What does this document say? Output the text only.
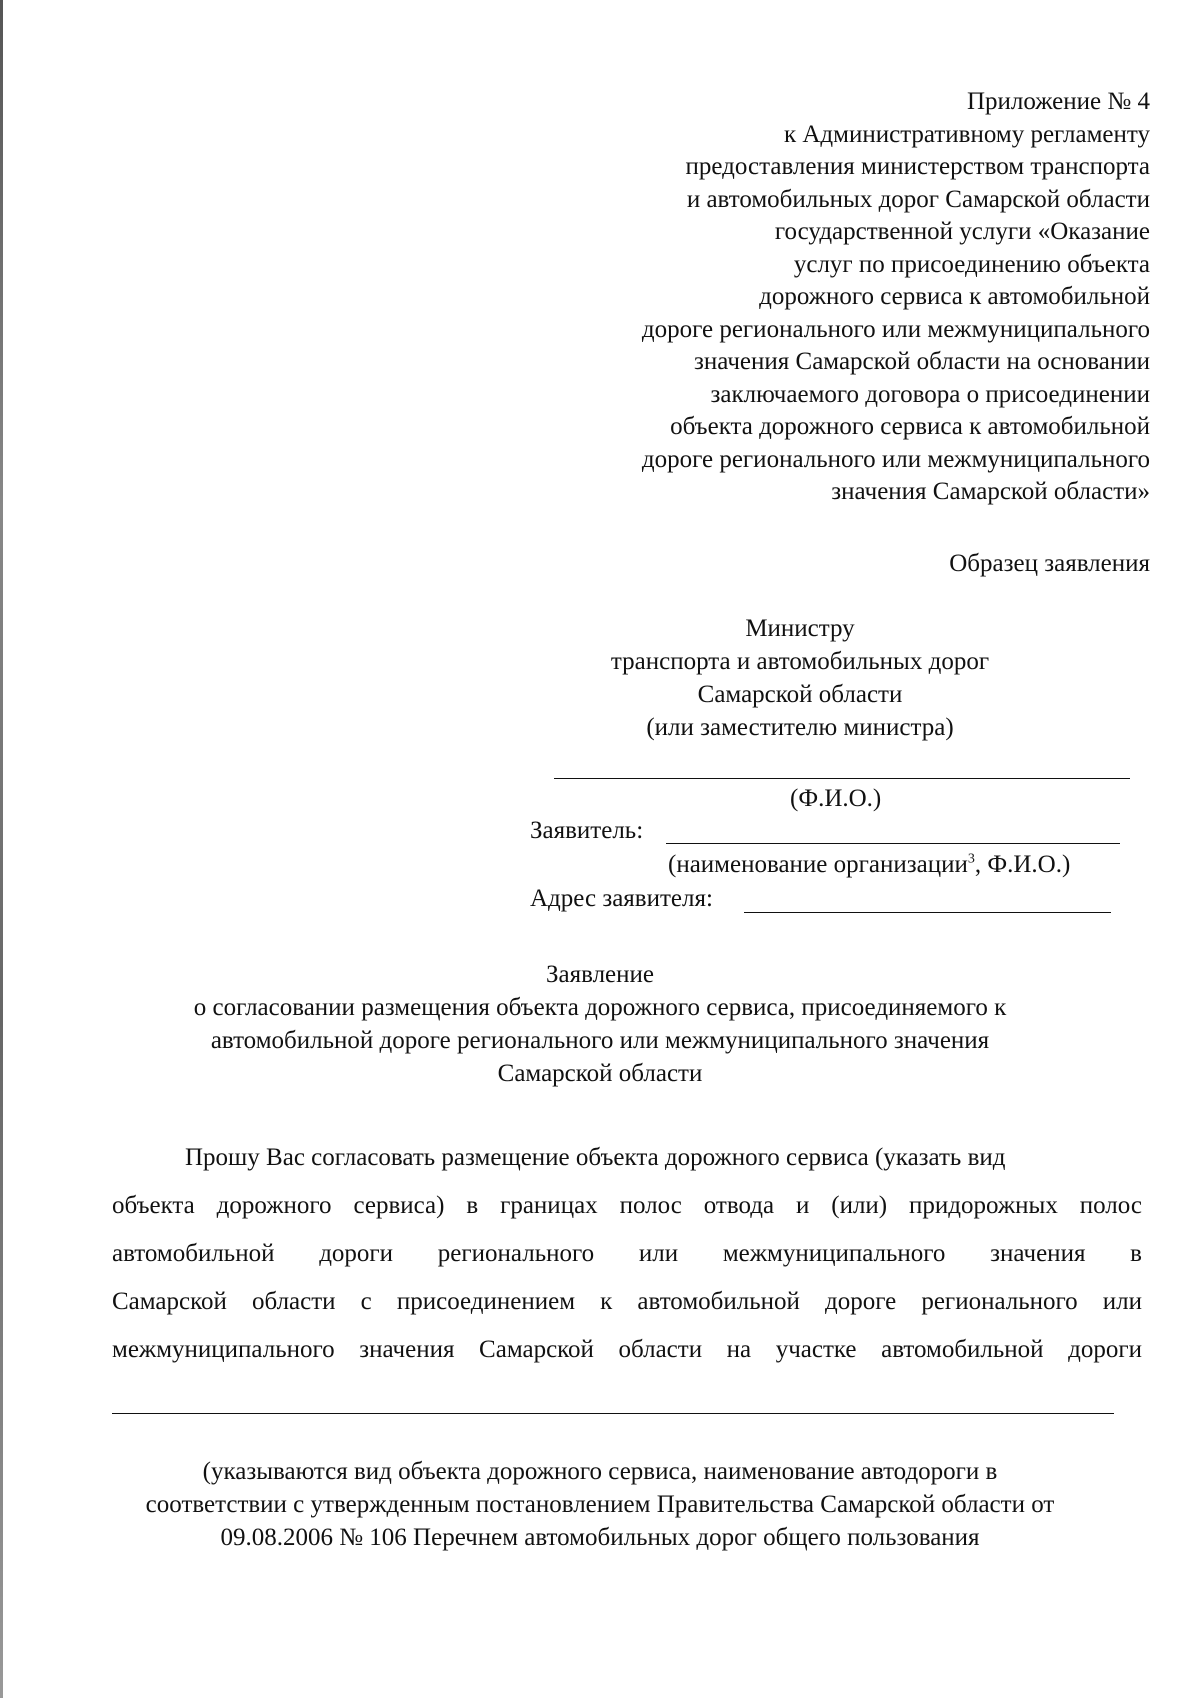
Приложение № 4
к Административному регламенту
предоставления министерством транспорта
и автомобильных дорог Самарской области
государственной услуги «Оказание
услуг по присоединению объекта
дорожного сервиса к автомобильной
дороге регионального или межмуниципального
значения Самарской области на основании
заключаемого договора о присоединении
объекта дорожного сервиса к автомобильной
дороге регионального или межмуниципального
значения Самарской области»
Образец заявления
Министру
транспорта и автомобильных дорог
Самарской области
(или заместителю министра)
(Ф.И.О.)
Заявитель:
(наименование организации$^3$, Ф.И.О.)
Адрес заявителя:
Заявление
о согласовании размещения объекта дорожного сервиса, присоединяемого к
автомобильной дороге регионального или межмуниципального значения
Самарской области
Прошу Вас согласовать размещение объекта дорожного сервиса (указать вид
объекта дорожного сервиса) в границах полос отвода и (или) придорожных полос
автомобильной дороги регионального или межмуниципального значения в
Самарской области с присоединением к автомобильной дороге регионального или
межмуниципального значения Самарской области на участке автомобильной дороги
(указываются вид объекта дорожного сервиса, наименование автодороги в
соответствии с утвержденным постановлением Правительства Самарской области от
09.08.2006 № 106 Перечнем автомобильных дорог общего пользования
